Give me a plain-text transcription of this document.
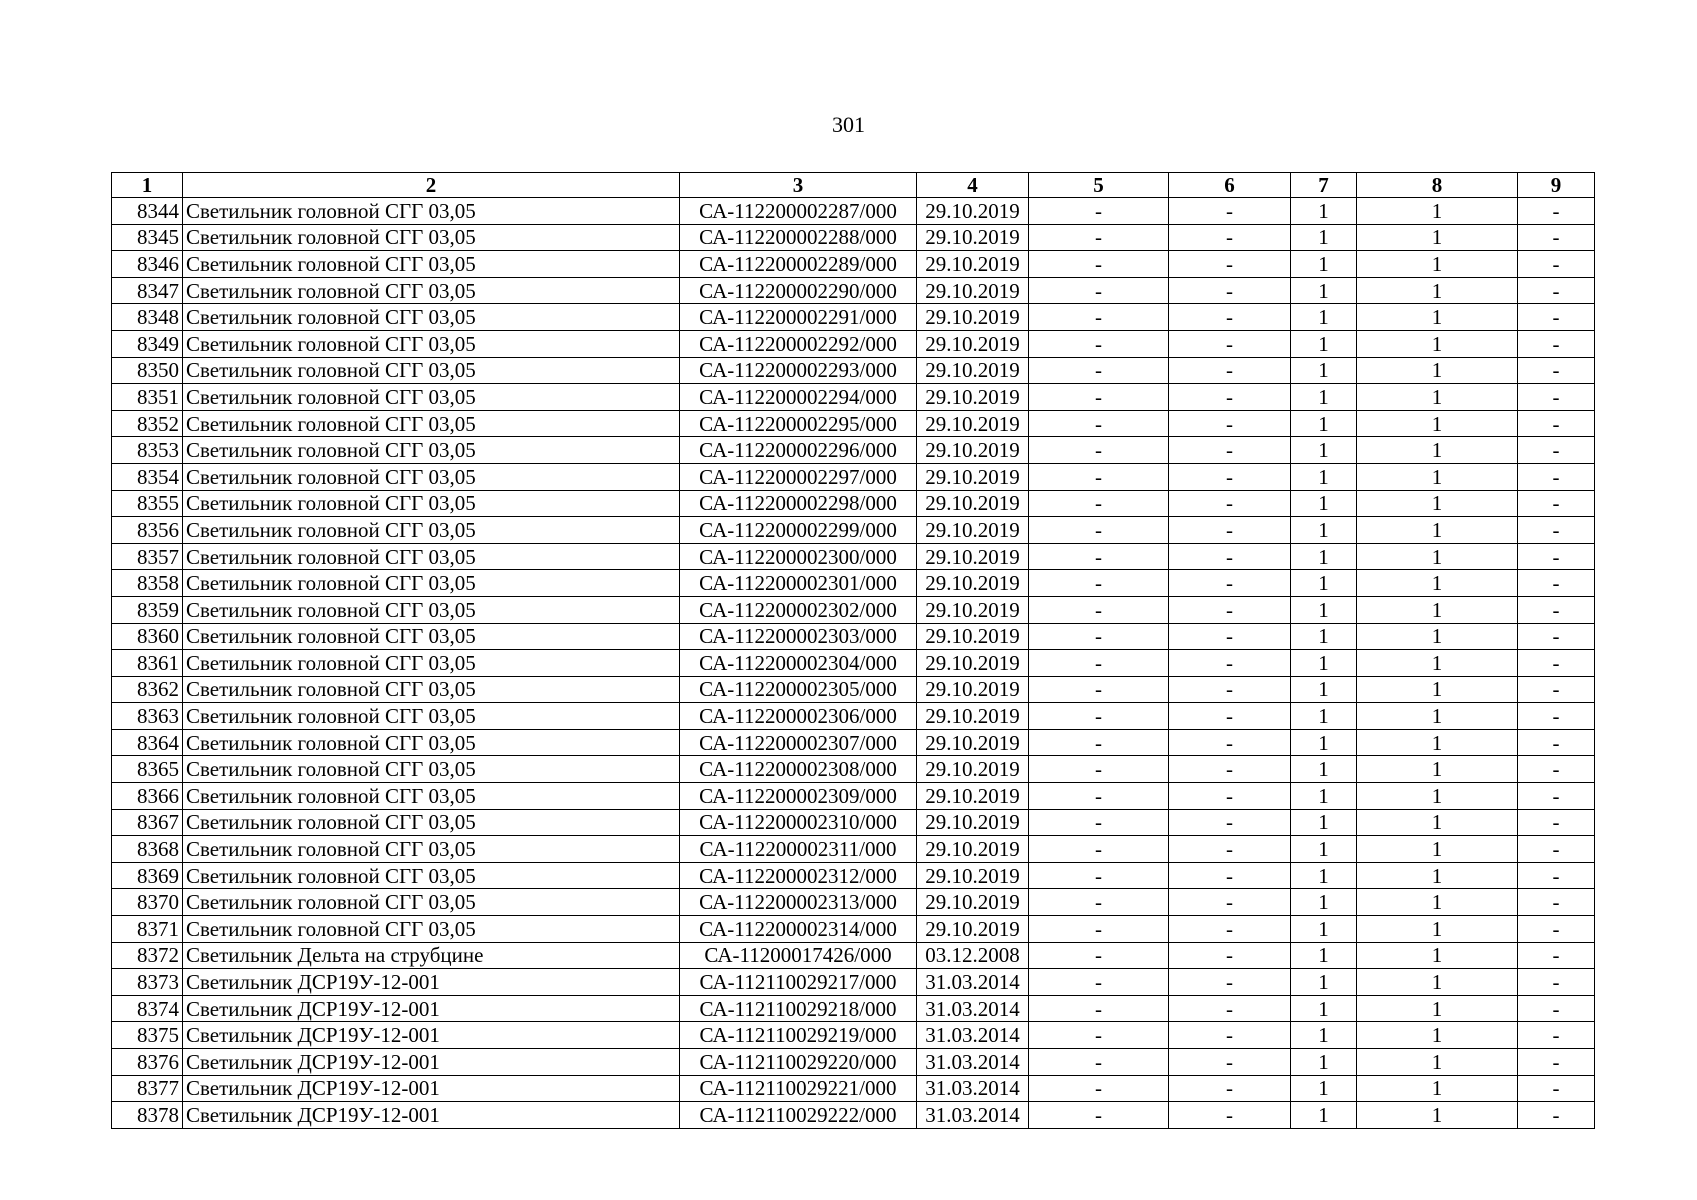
301
1	2	3	4	5	6	7	8	9
8344	Светильник головной СГГ 03,05	СА-112200002287/000	29.10.2019	-	-	1	1	-
8345	Светильник головной СГГ 03,05	СА-112200002288/000	29.10.2019	-	-	1	1	-
8346	Светильник головной СГГ 03,05	СА-112200002289/000	29.10.2019	-	-	1	1	-
8347	Светильник головной СГГ 03,05	СА-112200002290/000	29.10.2019	-	-	1	1	-
8348	Светильник головной СГГ 03,05	СА-112200002291/000	29.10.2019	-	-	1	1	-
8349	Светильник головной СГГ 03,05	СА-112200002292/000	29.10.2019	-	-	1	1	-
8350	Светильник головной СГГ 03,05	СА-112200002293/000	29.10.2019	-	-	1	1	-
8351	Светильник головной СГГ 03,05	СА-112200002294/000	29.10.2019	-	-	1	1	-
8352	Светильник головной СГГ 03,05	СА-112200002295/000	29.10.2019	-	-	1	1	-
8353	Светильник головной СГГ 03,05	СА-112200002296/000	29.10.2019	-	-	1	1	-
8354	Светильник головной СГГ 03,05	СА-112200002297/000	29.10.2019	-	-	1	1	-
8355	Светильник головной СГГ 03,05	СА-112200002298/000	29.10.2019	-	-	1	1	-
8356	Светильник головной СГГ 03,05	СА-112200002299/000	29.10.2019	-	-	1	1	-
8357	Светильник головной СГГ 03,05	СА-112200002300/000	29.10.2019	-	-	1	1	-
8358	Светильник головной СГГ 03,05	СА-112200002301/000	29.10.2019	-	-	1	1	-
8359	Светильник головной СГГ 03,05	СА-112200002302/000	29.10.2019	-	-	1	1	-
8360	Светильник головной СГГ 03,05	СА-112200002303/000	29.10.2019	-	-	1	1	-
8361	Светильник головной СГГ 03,05	СА-112200002304/000	29.10.2019	-	-	1	1	-
8362	Светильник головной СГГ 03,05	СА-112200002305/000	29.10.2019	-	-	1	1	-
8363	Светильник головной СГГ 03,05	СА-112200002306/000	29.10.2019	-	-	1	1	-
8364	Светильник головной СГГ 03,05	СА-112200002307/000	29.10.2019	-	-	1	1	-
8365	Светильник головной СГГ 03,05	СА-112200002308/000	29.10.2019	-	-	1	1	-
8366	Светильник головной СГГ 03,05	СА-112200002309/000	29.10.2019	-	-	1	1	-
8367	Светильник головной СГГ 03,05	СА-112200002310/000	29.10.2019	-	-	1	1	-
8368	Светильник головной СГГ 03,05	СА-112200002311/000	29.10.2019	-	-	1	1	-
8369	Светильник головной СГГ 03,05	СА-112200002312/000	29.10.2019	-	-	1	1	-
8370	Светильник головной СГГ 03,05	СА-112200002313/000	29.10.2019	-	-	1	1	-
8371	Светильник головной СГГ 03,05	СА-112200002314/000	29.10.2019	-	-	1	1	-
8372	Светильник Дельта на струбцине	СА-11200017426/000	03.12.2008	-	-	1	1	-
8373	Светильник ДСР19У-12-001	СА-112110029217/000	31.03.2014	-	-	1	1	-
8374	Светильник ДСР19У-12-001	СА-112110029218/000	31.03.2014	-	-	1	1	-
8375	Светильник ДСР19У-12-001	СА-112110029219/000	31.03.2014	-	-	1	1	-
8376	Светильник ДСР19У-12-001	СА-112110029220/000	31.03.2014	-	-	1	1	-
8377	Светильник ДСР19У-12-001	СА-112110029221/000	31.03.2014	-	-	1	1	-
8378	Светильник ДСР19У-12-001	СА-112110029222/000	31.03.2014	-	-	1	1	-
